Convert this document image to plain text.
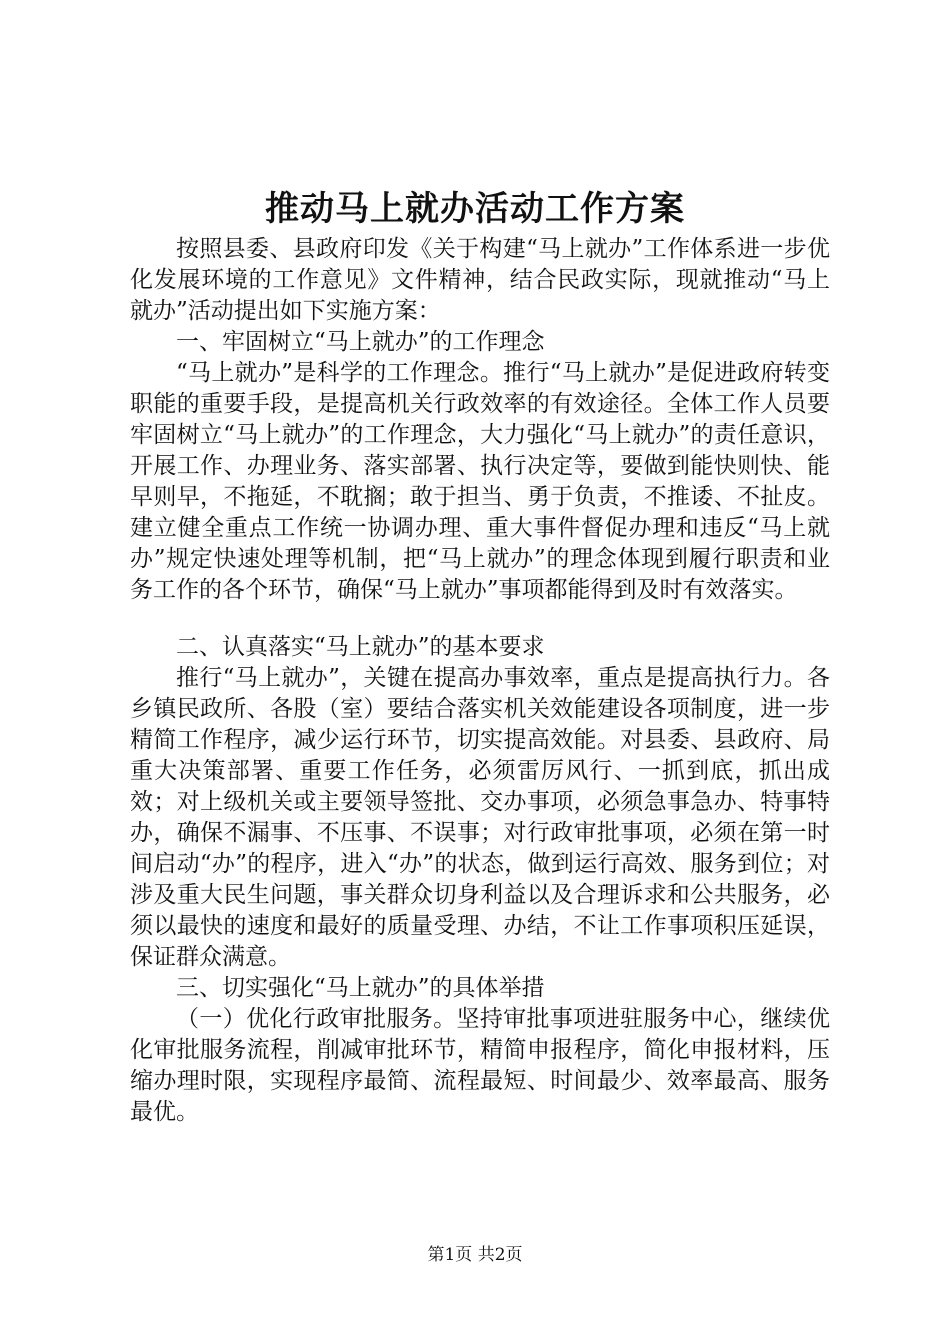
推动马上就办活动工作方案

按照县委、县政府印发《关于构建“马上就办”工作体系进一步优化发展环境的工作意见》文件精神，结合民政实际，现就推动“马上就办”活动提出如下实施方案：

一、牢固树立“马上就办”的工作理念

“马上就办”是科学的工作理念。推行“马上就办”是促进政府转变职能的重要手段，是提高机关行政效率的有效途径。全体工作人员要牢固树立“马上就办”的工作理念，大力强化“马上就办”的责任意识，开展工作、办理业务、落实部署、执行决定等，要做到能快则快、能早则早，不拖延，不耽搁；敢于担当、勇于负责，不推诿、不扯皮。建立健全重点工作统一协调办理、重大事件督促办理和违反“马上就办”规定快速处理等机制，把“马上就办”的理念体现到履行职责和业务工作的各个环节，确保“马上就办”事项都能得到及时有效落实。

二、认真落实“马上就办”的基本要求

推行“马上就办”，关键在提高办事效率，重点是提高执行力。各乡镇民政所、各股（室）要结合落实机关效能建设各项制度，进一步精简工作程序，减少运行环节，切实提高效能。对县委、县政府、局重大决策部署、重要工作任务，必须雷厉风行、一抓到底，抓出成效；对上级机关或主要领导签批、交办事项，必须急事急办、特事特办，确保不漏事、不压事、不误事；对行政审批事项，必须在第一时间启动“办”的程序，进入“办”的状态，做到运行高效、服务到位；对涉及重大民生问题，事关群众切身利益以及合理诉求和公共服务，必须以最快的速度和最好的质量受理、办结，不让工作事项积压延误，保证群众满意。

三、切实强化“马上就办”的具体举措

（一）优化行政审批服务。坚持审批事项进驻服务中心，继续优化审批服务流程，削减审批环节，精简申报程序，简化申报材料，压缩办理时限，实现程序最简、流程最短、时间最少、效率最高、服务最优。

第1页 共2页
